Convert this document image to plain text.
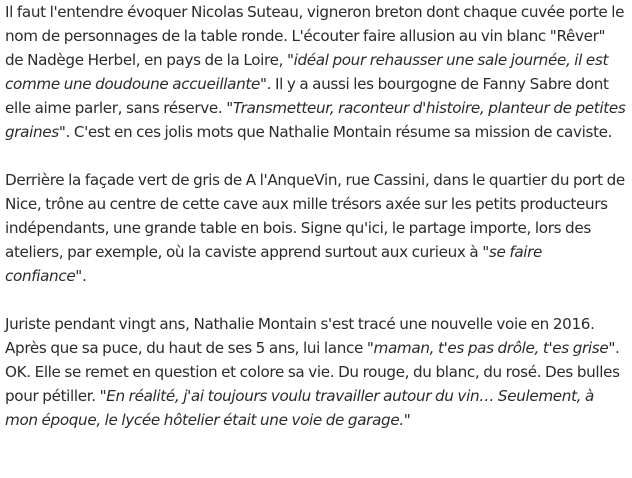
Il faut l'entendre évoquer Nicolas Suteau, vigneron breton dont chaque cuvée porte le nom de personnages de la table ronde. L'écouter faire allusion au vin blanc "Rêver" de Nadège Herbel, en pays de la Loire, "idéal pour rehausser une sale journée, il est comme une doudoune accueillante". Il y a aussi les bourgogne de Fanny Sabre dont elle aime parler, sans réserve. "Transmetteur, raconteur d'histoire, planteur de petites graines". C'est en ces jolis mots que Nathalie Montain résume sa mission de caviste.

Derrière la façade vert de gris de A l'AnqueVin, rue Cassini, dans le quartier du port de Nice, trône au centre de cette cave aux mille trésors axée sur les petits producteurs indépendants, une grande table en bois. Signe qu'ici, le partage importe, lors des ateliers, par exemple, où la caviste apprend surtout aux curieux à "se faire confiance".

Juriste pendant vingt ans, Nathalie Montain s'est tracé une nouvelle voie en 2016. Après que sa puce, du haut de ses 5 ans, lui lance "maman, t'es pas drôle, t'es grise". OK. Elle se remet en question et colore sa vie. Du rouge, du blanc, du rosé. Des bulles pour pétiller. "En réalité, j'ai toujours voulu travailler autour du vin… Seulement, à mon époque, le lycée hôtelier était une voie de garage."
